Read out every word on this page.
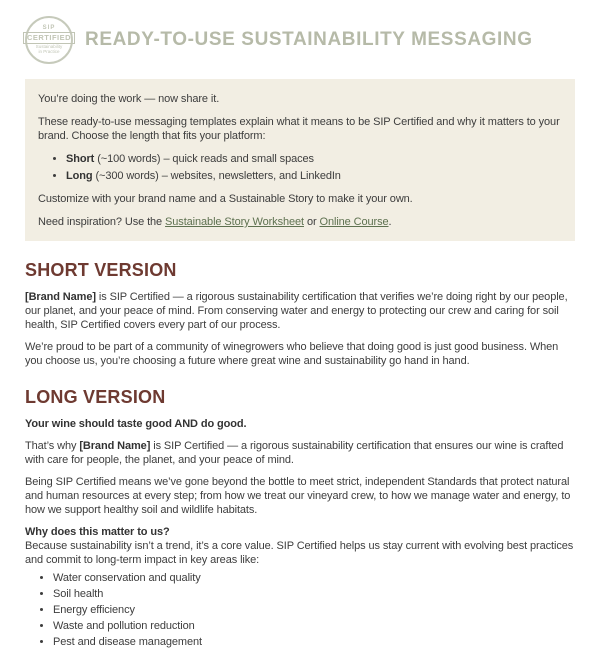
SIP
CERTIFIED
Sustainability
in Practice
READY-TO-USE SUSTAINABILITY MESSAGING

You’re doing the work — now share it.

These ready-to-use messaging templates explain what it means to be SIP Certified and why it matters to your brand. Choose the length that fits your platform:

• Short (~100 words) – quick reads and small spaces
• Long (~300 words) – websites, newsletters, and LinkedIn

Customize with your brand name and a Sustainable Story to make it your own.

Need inspiration? Use the Sustainable Story Worksheet or Online Course.

SHORT VERSION

[Brand Name] is SIP Certified — a rigorous sustainability certification that verifies we’re doing right by our people, our planet, and your peace of mind. From conserving water and energy to protecting our crew and caring for soil health, SIP Certified covers every part of our process.

We’re proud to be part of a community of winegrowers who believe that doing good is just good business. When you choose us, you’re choosing a future where great wine and sustainability go hand in hand.

LONG VERSION

Your wine should taste good AND do good.

That’s why [Brand Name] is SIP Certified — a rigorous sustainability certification that ensures our wine is crafted with care for people, the planet, and your peace of mind.

Being SIP Certified means we’ve gone beyond the bottle to meet strict, independent Standards that protect natural and human resources at every step; from how we treat our vineyard crew, to how we manage water and energy, to how we support healthy soil and wildlife habitats.

Why does this matter to us?

Because sustainability isn’t a trend, it’s a core value. SIP Certified helps us stay current with evolving best practices and commit to long-term impact in key areas like:

• Water conservation and quality
• Soil health
• Energy efficiency
• Waste and pollution reduction
• Pest and disease management
